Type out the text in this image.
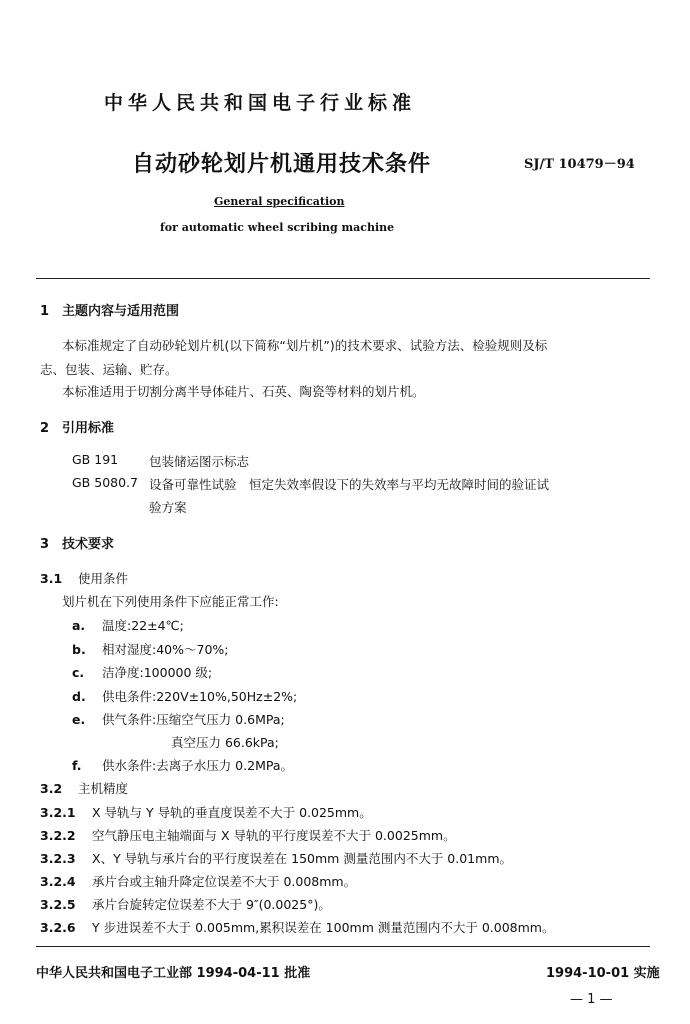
中华人民共和国电子行业标准
自动砂轮划片机通用技术条件	SJ/T 10479－94
General specification
for automatic wheel scribing machine
1　主题内容与适用范围
本标准规定了自动砂轮划片机(以下简称“划片机”)的技术要求、试验方法、检验规则及标
志、包装、运输、贮存。
本标准适用于切割分离半导体硅片、石英、陶瓷等材料的划片机。
2　引用标准
GB 191 包装储运图示标志
GB 5080.7 设备可靠性试验　恒定失效率假设下的失效率与平均无故障时间的验证试
验方案
3　技术要求
3.1 使用条件
划片机在下列使用条件下应能正常工作:
a. 温度:22±4℃;
b. 相对湿度:40%～70%;
c. 洁净度:100000 级;
d. 供电条件:220V±10%,50Hz±2%;
e. 供气条件:压缩空气压力 0.6MPa;
真空压力 66.6kPa;
f. 供水条件:去离子水压力 0.2MPa。
3.2 主机精度
3.2.1 X 导轨与 Y 导轨的垂直度误差不大于 0.025mm。
3.2.2 空气静压电主轴端面与 X 导轨的平行度误差不大于 0.0025mm。
3.2.3 X、Y 导轨与承片台的平行度误差在 150mm 测量范围内不大于 0.01mm。
3.2.4 承片台或主轴升降定位误差不大于 0.008mm。
3.2.5 承片台旋转定位误差不大于 9″(0.0025°)。
3.2.6 Y 步进误差不大于 0.005mm,累积误差在 100mm 测量范围内不大于 0.008mm。
中华人民共和国电子工业部 1994-04-11 批准	1994-10-01 实施
— 1 —
